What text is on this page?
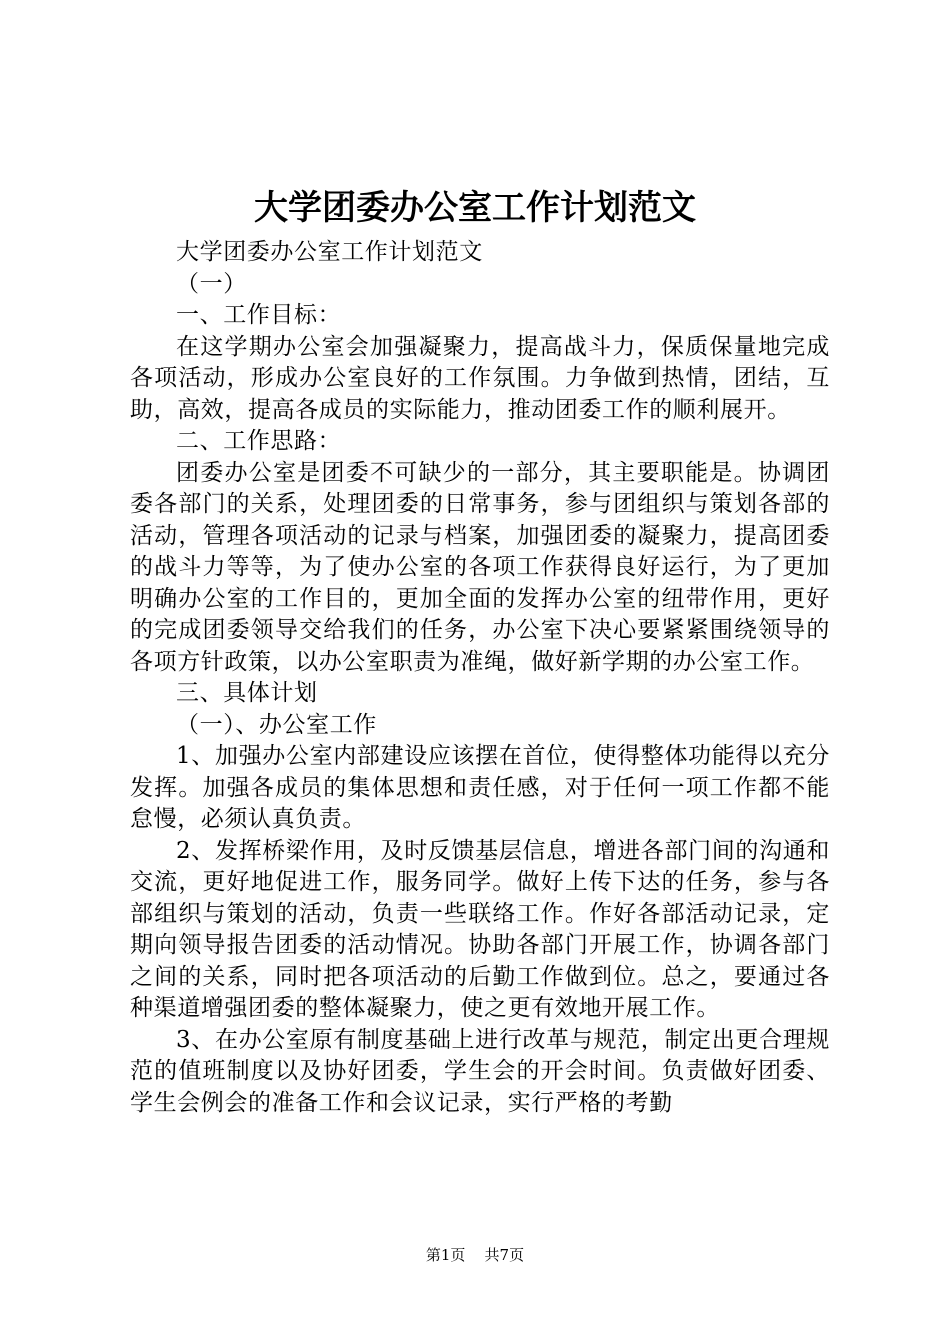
大学团委办公室工作计划范文

大学团委办公室工作计划范文

（一）

一、工作目标：

在这学期办公室会加强凝聚力，提高战斗力，保质保量地完成各项活动，形成办公室良好的工作氛围。力争做到热情，团结，互助，高效，提高各成员的实际能力，推动团委工作的顺利展开。

二、工作思路：

团委办公室是团委不可缺少的一部分，其主要职能是。协调团委各部门的关系，处理团委的日常事务，参与团组织与策划各部的活动，管理各项活动的记录与档案，加强团委的凝聚力，提高团委的战斗力等等，为了使办公室的各项工作获得良好运行，为了更加明确办公室的工作目的，更加全面的发挥办公室的纽带作用，更好的完成团委领导交给我们的任务，办公室下决心要紧紧围绕领导的各项方针政策，以办公室职责为准绳，做好新学期的办公室工作。

三、具体计划

（一）、办公室工作

1、加强办公室内部建设应该摆在首位，使得整体功能得以充分发挥。加强各成员的集体思想和责任感，对于任何一项工作都不能怠慢，必须认真负责。

2、发挥桥梁作用，及时反馈基层信息，增进各部门间的沟通和交流，更好地促进工作，服务同学。做好上传下达的任务，参与各部组织与策划的活动，负责一些联络工作。作好各部活动记录，定期向领导报告团委的活动情况。协助各部门开展工作，协调各部门之间的关系，同时把各项活动的后勤工作做到位。总之，要通过各种渠道增强团委的整体凝聚力，使之更有效地开展工作。

3、在办公室原有制度基础上进行改革与规范，制定出更合理规范的值班制度以及协好团委，学生会的开会时间。负责做好团委、学生会例会的准备工作和会议记录，实行严格的考勤

第1页 共7页
